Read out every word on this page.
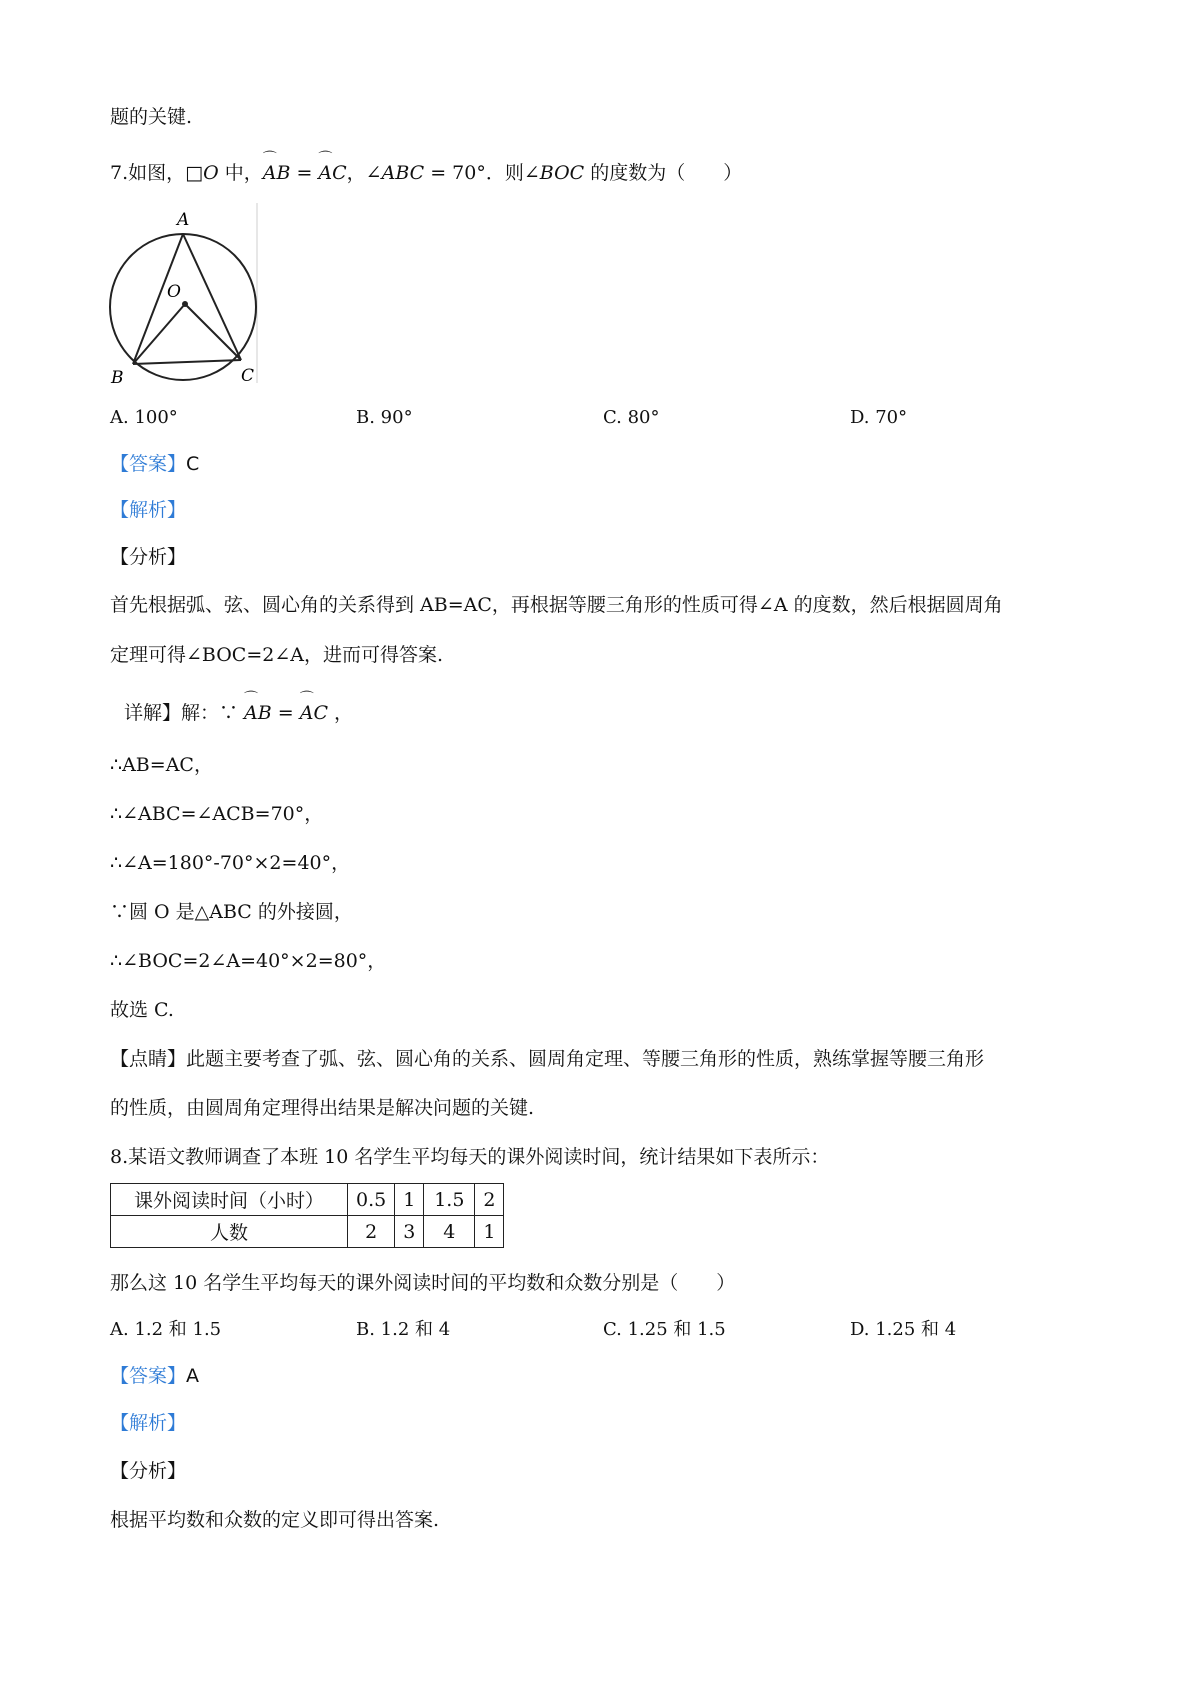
题的关键.
7.如图，□O 中，⌒ AB = ⌒ AC，∠ABC = 70°．则∠BOC 的度数为（　　）
A
O
B	C
A. 100°	B. 90°	C. 80°	D. 70°
【答案】C
【解析】
【分析】
首先根据弧、弦、圆心角的关系得到 AB=AC，再根据等腰三角形的性质可得∠A 的度数，然后根据圆周角
定理可得∠BOC=2∠A，进而可得答案.
详解】解：∵ ⌒ AB = ⌒ AC ，
∴AB=AC，
∴∠ABC=∠ACB=70°，
∴∠A=180°-70°×2=40°，
∵圆 O 是△ABC 的外接圆，
∴∠BOC=2∠A=40°×2=80°，
故选 C.
【点睛】此题主要考查了弧、弦、圆心角的关系、圆周角定理、等腰三角形的性质，熟练掌握等腰三角形
的性质，由圆周角定理得出结果是解决问题的关键.
8.某语文教师调查了本班 10 名学生平均每天的课外阅读时间，统计结果如下表所示：
课外阅读时间（小时）	0.5	1	1.5	2
人数	2	3	4	1
那么这 10 名学生平均每天的课外阅读时间的平均数和众数分别是（　　）
A. 1.2 和 1.5	B. 1.2 和 4	C. 1.25 和 1.5	D. 1.25 和 4
【答案】A
【解析】
【分析】
根据平均数和众数的定义即可得出答案.
